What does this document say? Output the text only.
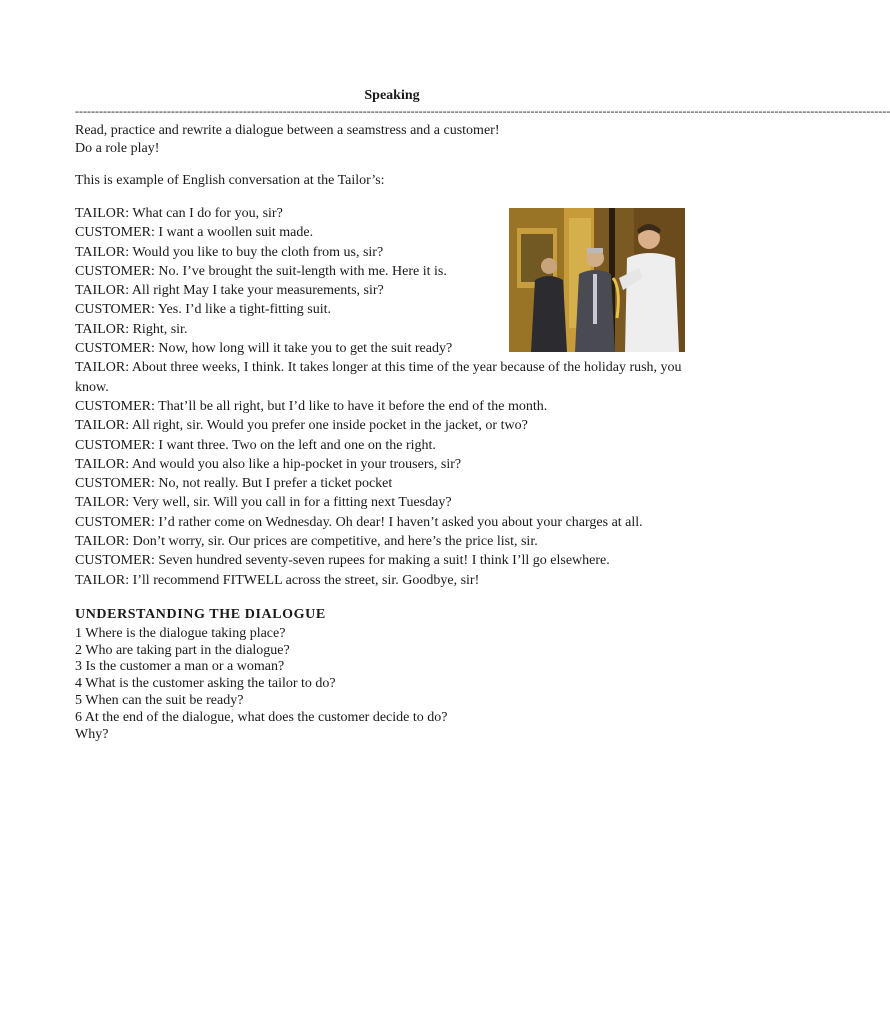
Speaking
------------------------------------------------------------------------------------------------------------------------------------------------------------------------------------------------------------

Read, practice and rewrite a dialogue between a seamstress and a customer!

Do a role play!

This is example of English conversation at the Tailor’s:

TAILOR: What can I do for you, sir?

CUSTOMER: I want a woollen suit made.

TAILOR: Would you like to buy the cloth from us, sir?

CUSTOMER: No. I’ve brought the suit-length with me. Here it is.

TAILOR: All right May I take your measurements, sir?

CUSTOMER: Yes. I’d like a tight-fitting suit.

TAILOR: Right, sir.

CUSTOMER: Now, how long will it take you to get the suit ready?

TAILOR: About three weeks, I think. It takes longer at this time of the year because of the holiday rush, you know.

CUSTOMER: That’ll be all right, but I’d like to have it before the end of the month.

TAILOR: All right, sir. Would you prefer one inside pocket in the jacket, or two?

CUSTOMER: I want three. Two on the left and one on the right.

TAILOR: And would you also like a hip-pocket in your trousers, sir?

CUSTOMER: No, not really. But I prefer a ticket pocket

TAILOR: Very well, sir. Will you call in for a fitting next Tuesday?

CUSTOMER: I’d rather come on Wednesday. Oh dear! I haven’t asked you about your charges at all.

TAILOR: Don’t worry, sir. Our prices are competitive, and here’s the price list, sir.

CUSTOMER: Seven hundred seventy-seven rupees for making a suit! I think I’ll go elsewhere.

TAILOR: I’ll recommend FITWELL across the street, sir. Goodbye, sir!

UNDERSTANDING THE DIALOGUE

1 Where is the dialogue taking place?

2 Who are taking part in the dialogue?

3 Is the customer a man or a woman?

4 What is the customer asking the tailor to do?

5 When can the suit be ready?

6 At the end of the dialogue, what does the customer decide to do? Why?
